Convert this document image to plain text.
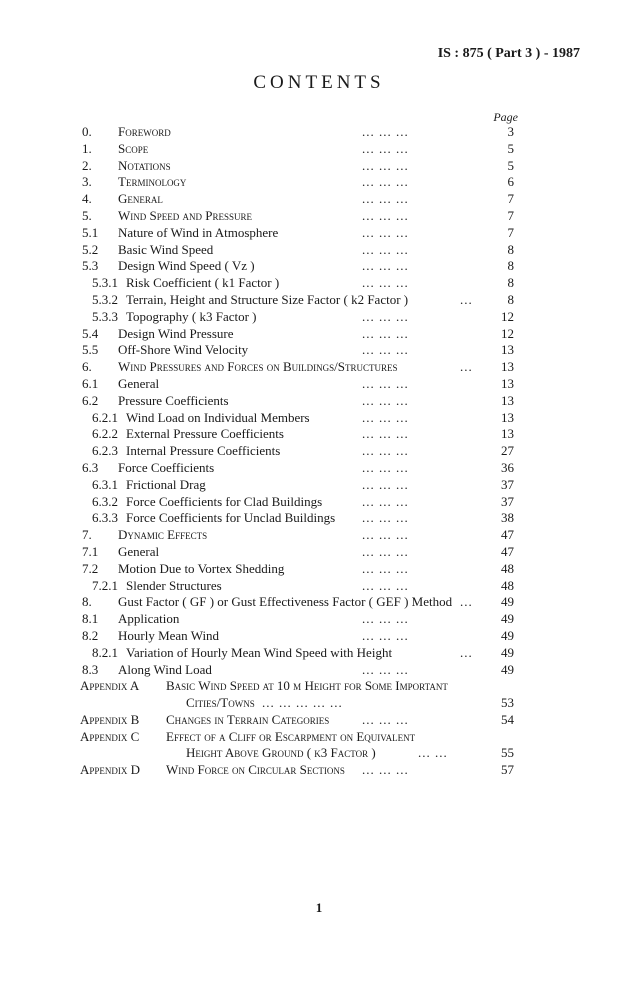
IS : 875 ( Part 3 ) - 1987
CONTENTS
Page
0. Foreword	... ... ...	3
1. Scope	... ... ...	5
2. Notations	... ... ...	5
3. Terminology	... ... ...	6
4. General	... ... ...	7
5. Wind Speed and Pressure	... ... ...	7
5.1 Nature of Wind in Atmosphere	... ... ...	7
5.2 Basic Wind Speed	... ... ...	8
5.3 Design Wind Speed ( Vz )	... ... ...	8
5.3.1 Risk Coefficient ( k1 Factor )	... ... ...	8
5.3.2 Terrain, Height and Structure Size Factor ( k2 Factor )	...	8
5.3.3 Topography ( k3 Factor )	... ... ...	12
5.4 Design Wind Pressure	... ... ...	12
5.5 Off-Shore Wind Velocity	... ... ...	13
6. Wind Pressures and Forces on Buildings/Structures	... 13
6.1 General	... ... ...	13
6.2 Pressure Coefficients	... ... ...	13
6.2.1 Wind Load on Individual Members	... ... ...	13
6.2.2 External Pressure Coefficients	... ... ...	13
6.2.3 Internal Pressure Coefficients	... ... ...	27
6.3 Force Coefficients	... ... ...	36
6.3.1 Frictional Drag	... ... ...	37
6.3.2 Force Coefficients for Clad Buildings	... ... ...	37
6.3.3 Force Coefficients for Unclad Buildings ... ... ...	38
7. Dynamic Effects	... ... ...	47
7.1 General	... ... ...	47
7.2 Motion Due to Vortex Shedding	... ... ...	48
7.2.1 Slender Structures	... ... ...	48
8. Gust Factor ( GF ) or Gust Effectiveness Factor ( GEF ) Method ... 49
8.1 Application	... ... ...	49
8.2 Hourly Mean Wind	... ... ...	49
8.2.1 Variation of Hourly Mean Wind Speed with Height	... 49
8.3 Along Wind Load	... ... ...	49
Appendix A Basic Wind Speed at 10 m Height for Some Important
Cities/Towns ... ... ... ... ...	53
Appendix B Changes in Terrain Categories	... ... ...	54
Appendix C Effect of a Cliff or Escarpment on Equivalent
Height Above Ground ( k3 Factor )	... ...	55
Appendix D Wind Force on Circular Sections ... ... ...	57
1
